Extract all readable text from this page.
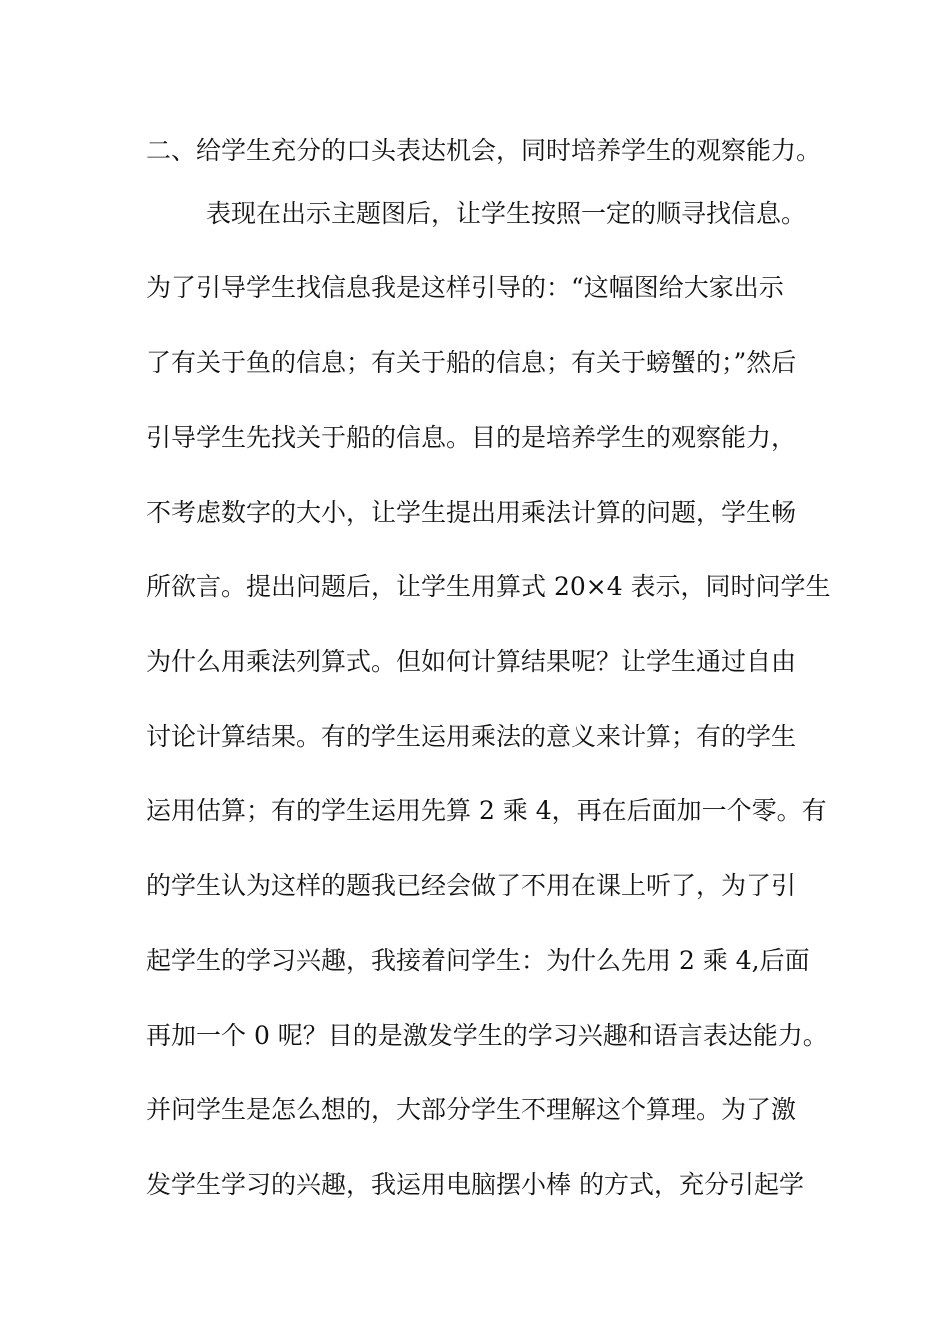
二、给学生充分的口头表达机会，同时培养学生的观察能力。
表现在出示主题图后，让学生按照一定的顺寻找信息。
为了引导学生找信息我是这样引导的：“这幅图给大家出示
了有关于鱼的信息；有关于船的信息；有关于螃蟹的；”然后
引导学生先找关于船的信息。目的是培养学生的观察能力，
不考虑数字的大小，让学生提出用乘法计算的问题，学生畅
所欲言。提出问题后，让学生用算式 20×4 表示，同时问学生
为什么用乘法列算式。但如何计算结果呢？让学生通过自由
讨论计算结果。有的学生运用乘法的意义来计算；有的学生
运用估算；有的学生运用先算 2 乘 4，再在后面加一个零。有
的学生认为这样的题我已经会做了不用在课上听了，为了引
起学生的学习兴趣，我接着问学生：为什么先用 2 乘 4,后面
再加一个 0 呢？目的是激发学生的学习兴趣和语言表达能力。
并问学生是怎么想的，大部分学生不理解这个算理。为了激
发学生学习的兴趣，我运用电脑摆小棒 的方式，充分引起学
